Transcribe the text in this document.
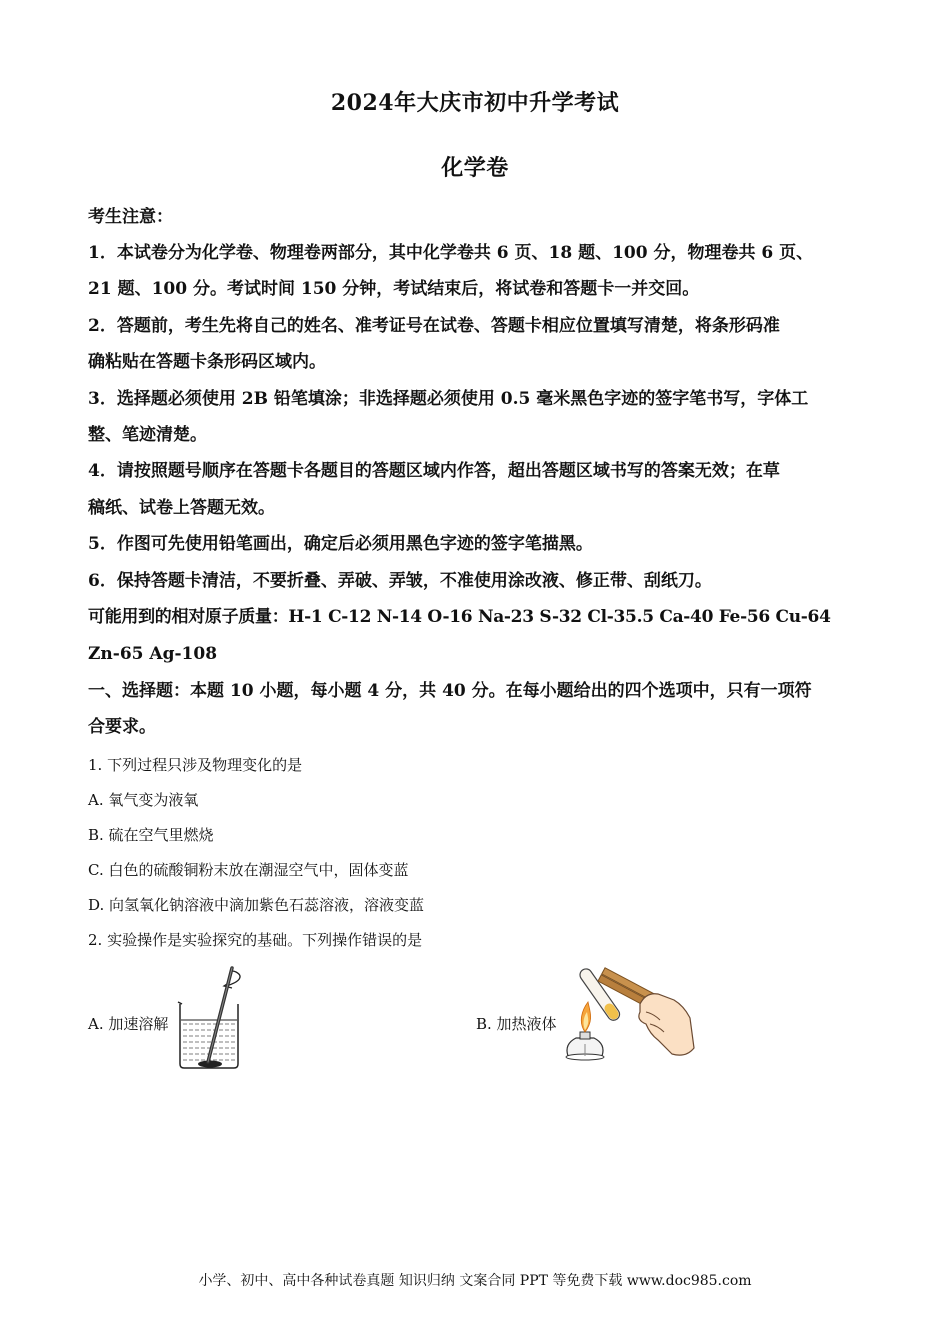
2024年大庆市初中升学考试
化学卷
考生注意：
1．本试卷分为化学卷、物理卷两部分，其中化学卷共 6 页、18 题、100 分，物理卷共 6 页、
21 题、100 分。考试时间 150 分钟，考试结束后，将试卷和答题卡一并交回。
2．答题前，考生先将自己的姓名、准考证号在试卷、答题卡相应位置填写清楚，将条形码准
确粘贴在答题卡条形码区域内。
3．选择题必须使用 2B 铅笔填涂；非选择题必须使用 0.5 毫米黑色字迹的签字笔书写，字体工
整、笔迹清楚。
4．请按照题号顺序在答题卡各题目的答题区域内作答，超出答题区域书写的答案无效；在草
稿纸、试卷上答题无效。
5．作图可先使用铅笔画出，确定后必须用黑色字迹的签字笔描黑。
6．保持答题卡清洁，不要折叠、弄破、弄皱，不准使用涂改液、修正带、刮纸刀。
可能用到的相对原子质量：H-1 C-12 N-14 O-16 Na-23 S-32 Cl-35.5 Ca-40 Fe-56 Cu-64
Zn-65 Ag-108
一、选择题：本题 10 小题，每小题 4 分，共 40 分。在每小题给出的四个选项中，只有一项符
合要求。
1. 下列过程只涉及物理变化的是
A. 氧气变为液氧
B. 硫在空气里燃烧
C. 白色的硫酸铜粉末放在潮湿空气中，固体变蓝
D. 向氢氧化钠溶液中滴加紫色石蕊溶液，溶液变蓝
2. 实验操作是实验探究的基础。下列操作错误的是
A. 加速溶解	B. 加热液体
小学、初中、高中各种试卷真题 知识归纳 文案合同 PPT 等免费下载 www.doc985.com
